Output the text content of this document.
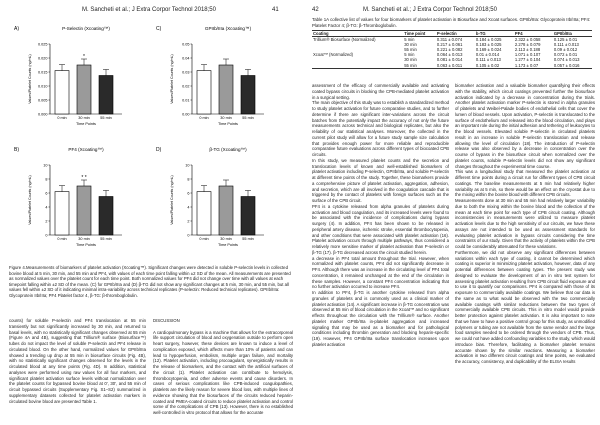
M. Sancheti et al.; J Extra Corpor Technol 2018;50	41
A)	P-Selectin (Xcoating™)
0.000
0.005
0.010
0.015
0.020
0.025
Values/Platelet Counts (ng/mL)
0 min	30 min	55 min
Time Points
*
C)	GPIIb/IIIa (Xcoating™)
0.00
0.01
0.02
0.03
0.04
0.05
Values/Platelet Counts (ng/mL)
0 min	30 min	55 min
Time Points
B)	PF4 (Xcoating™)
0
2
4
6
8
10
Values/Platelet Counts (ng/mL)
0 min	30 min	55 min
Time Points
* *
D)	β-TG (Xcoating™)
0
2
4
6
8
10
Values/Platelet Counts (ng/mL)
0 min	30 min	55 min
Time Points
Figure 4.Measurements of biomarkers of platelet activation (Xcoating™). Significant changes were detected in soluble P-selectin levels in collected bovine blood at 5 min, 30 min, and 55 min and PF4, with values of each time point falling within ±2 SD of the mean. All measurements are presented as normalized values over the platelet count for each time point. Both normalized values for PF4 did not change over time with all values at each timepoint falling within ±2 SD of the mean. (C) for GPIIb/IIIa and (D) β-TG did not show any significant changes at 5 min, 30 min, and 55 min, but all values fell within ±2 SD of it indicating minimal intra-variability across technical replicates (P-selectin: Reduced technical replicates). GPIIb/IIIa: Glycoprotein IIb/IIIa; PF4 Platelet factor 4, β-TG: β-thromboglobulin.

counts) for soluble P-selectin and PF4 translocation at 55 min transiently but not significantly increased by 30 min, and returned to basal levels, with no statistically significant changes observed at 55 min (Figure 4A and 4B), suggesting that Trillium® surface (Biosurface™) tubes do not impact the level of soluble P-selectin and PF4 release in circulated blood. On the other hand, normalized values for GPIIb/IIIa showed a trending up drop at 55 min in biosurface circuits (Fig. 4B), with no statistically significant changes observed for the levels in the circulated blood at any time points (Fig. 4D). In addition, statistical analyses were performed using raw values for all four markers, and significant platelet activation surface levels without normalization over the platelet counts for bypassed bovine blood at 0′, 30′, and 55 min of circuit bypassed circuits (Supplementary Fig. S1–S2) summarized in supplementary datasets collected for platelet activation markers in circulated bovine blood are presented Table 1.

DISCUSSION

A cardiopulmonary bypass is a machine that allows for the extracorporeal life support circulation of blood and oxygenation outside to perform open heart surgery, however, these devices are known to induce a level of complication exposed, which affects more than 10% of patients and can lead to hypoperfusion, embolism, multiple organ failure, and mortality (12). Platelet activation, including procoagulant, synergistically results in the release of biomarkers, and the contact with the artificial surfaces of the circuit (1). Platelet activation can contribute to hemolysis, thrombocytopenia, and other adverse events and cause disorders. In cases of serious complications like CPB-induced coagulopathies, platelets are the likely reason for severe blood loss, with multiple lines of evidence showing that the biosurfaces of the circuits reduced heparin-coated and PMEA-coated circuits to reduce platelet activation and control some of the complications of CPB (13). However, there is no established well-controlled in vitro protocol that allows for the accurate

42	M. Sancheti et al.; J Extra Corpor Technol 2018;50
Table 1A collective list of values for four biomarkers of platelet activation in Biosurface and Xcoat surfaces. GPIIb/IIIa: Glycoprotein IIb/IIIa; PF4: Platelet Factor 4; β-TG: β-Thromboglobulin.
Coating	Time point	P-selectin	b-TG	PF4	GPIIb/IIIa
Trillium® Biosurface (Normalized)	5 min	0.311 ± 0.074	0.184 ± 0.025	2.322 ± 0.058	0.125 ± 0.01
	30 min	0.217 ± 0.061	0.183 ± 0.025	2.278 ± 0.079	0.111 ± 0.013
	55 min	0.221 ± 0.082	0.169 ± 0.024	2.113 ± 0.188	0.09 ± 0.012
Xcoat™ (Normalized)	5 min	0.064 ± 0.013	0.01 ± 0.014	1.071 ± 0.107	0.072 ± 0.01
	30 min	0.081 ± 0.014	0.111 ± 0.013	1.277 ± 0.104	0.074 ± 0.013
	55 min	0.063 ± 0.011	0.105 ± 0.02	1.173 ± 0.07	0.057 ± 0.016

assessment of the efficacy of commercially available and activating coated bypass circuits in blocking the CPB-mediated platelet activation in a surgical setting.
The main objective of this study was to establish a standardized method to study platelet activation for future comparative studies, and to further determine if there are significant inter-variations across the circuit batches from the potentially impact the accuracy of not only the future measurements across technical and biological replicates, but also the reliability of our statistical analyses. Moreover, the collected in the current pilot study will allow for a future study sample size calculation that provides enough power for more reliable and reproducible comparative future evaluations across different types of biocoated CPB circuits.
In this study, we measured platelet counts and the secretion and translocation levels of known and well-established biomarkers of platelet activation including P-selectin, GPIIb/IIIa, and soluble P-selectin at different time points of the study. Together, these biomarkers provide a comprehensive picture of platelet activation, aggregation, adhesion, and secretion, which are all involved in the coagulation cascade that is triggered by the contact of platelets with foreign surfaces such as the surface of the CPB circuit.
PF4 is a cytokine released from alpha granules of platelets during activation and blood coagulation, and its increased levels were found to be associated with the incidence of complications during bypass surgery (4). In addition, PF4 has been shown to be released in peripheral artery disease, ischemic stroke, essential thrombocytopenia, and other conditions that were associated with platelet activation (16). Platelet activation occurs through multiple pathways, thus considered a relatively more sensitive marker of platelet activation than P-selectin or β-TG (17). β-TG decreased across the circuit studied herein.
a decrease in PF4 total amount throughout the trial. However, when normalized with platelet counts, PF4 did not significantly decrease in PF4. Although there was an increase in the circulating level of PF4 total concentration, it remained unchanged at the end of the circulation in these samples. However, a constant PF4 concentration indicating that no further activation occurred to increase PF4.
In addition to PF4, β-TG is another cytokine released from alpha granules of platelets and is commonly used as a clinical marker of platelet activation (14). A significant increase in β-TG concentration was observed at 55 min of blood circulation in the Xcoat™ and no significant effects throughout the circulation with the Trillium® surface. Another platelet marker GPIIb/IIIa in-platelet aggregation and increased signaling that may be used as a biomarker and for pathological conditions including thrombin generation and blocking heparin-specific (19). However, PF4 GPIIb/IIIa surface translocation increases upon platelet activation

biomarker activation and a valuable biomarker quantifying their effects with the stability, which circuit coatings prevented further the biosurface activation indicated by a decrease in concentration during the trials. Another platelet activation marker P-selectin is stored in alpha granules of platelets and Weibel-Palade bodies of endothelial cells that cover the lumen of blood vessels. Upon activation, P-selectin is translocated to the surface of endothelium and released into the blood circulation, and plays an important role during the initial adhesion and tethering of leukocytes to the blood vessels. Elevated soluble P-selectin in circulated platelets result in an increase in soluble P-selectin translocation and release allowing the level of circulation (18). The introduction of P-selectin release was also observed by a decrease in concentration over the course of bypass in the biosurface circuit when normalized over the platelet counts, soluble P-selectin levels did not show any significant changes throughout the experimental time course.
This was a longitudinal study that measured the platelet activation at different time points during a circuit run for different types of CPB circuit coatings. The baseline measurements at 5 min had relatively higher variability as at 5 min, so there would be an effect on the cryostat due to the mixing within the bovine blood with different CPB circuits.
Measurements done at 30 min and 55 min had relatively larger variability due to both the mixing within the bovine blood and the collection of the mean at each time point for each type of CPB circuit coating. Although inconsistencies in measurements were utilized to measure platelet activation levels due to the high sensitivity of our circuits, we have these assays are not intended to be used as assessment standards for evaluating platelet activation in bypass circuits considering the time constraints of our study. Given that the activity of platelets within the CPB could be considerably attenuated for these variations.
Furthermore, we did not observe any significant differences between variations within each type of coating, it cannot be determined which coating is superior in minimizing platelet activation, however, data of any potential differences between coating types. The present study was designed to evaluate the development of an in vitro test system for assessing platelet activation resulting from CPB circuit fluid exposure and to use it to quantify our comparisons. PF4 is compared with those of its exposure to commercially available coatings. We believe that our data is the same as to what would be observed with the two commercially available coatings with similar reductions between the two types of commercially available CPB circuits. This in vitro model would provide better protection against platelet activation. It is also important to note that we have to have a positive control group for this study, as unmodified polymers or tubing are not available from the same vendor and the large food samples needed to be ordered through the vendors of CPB. Thus, we could not have added confounding variables to the study, which would introduce bias. Therefore, facilitating a biomarker platelet remains accurate shown by the similar reactions. Measuring a biomarker activation in two different circuit coatings and time points, we evaluated the accuracy, consistency, and duplicability of the ELISA results
